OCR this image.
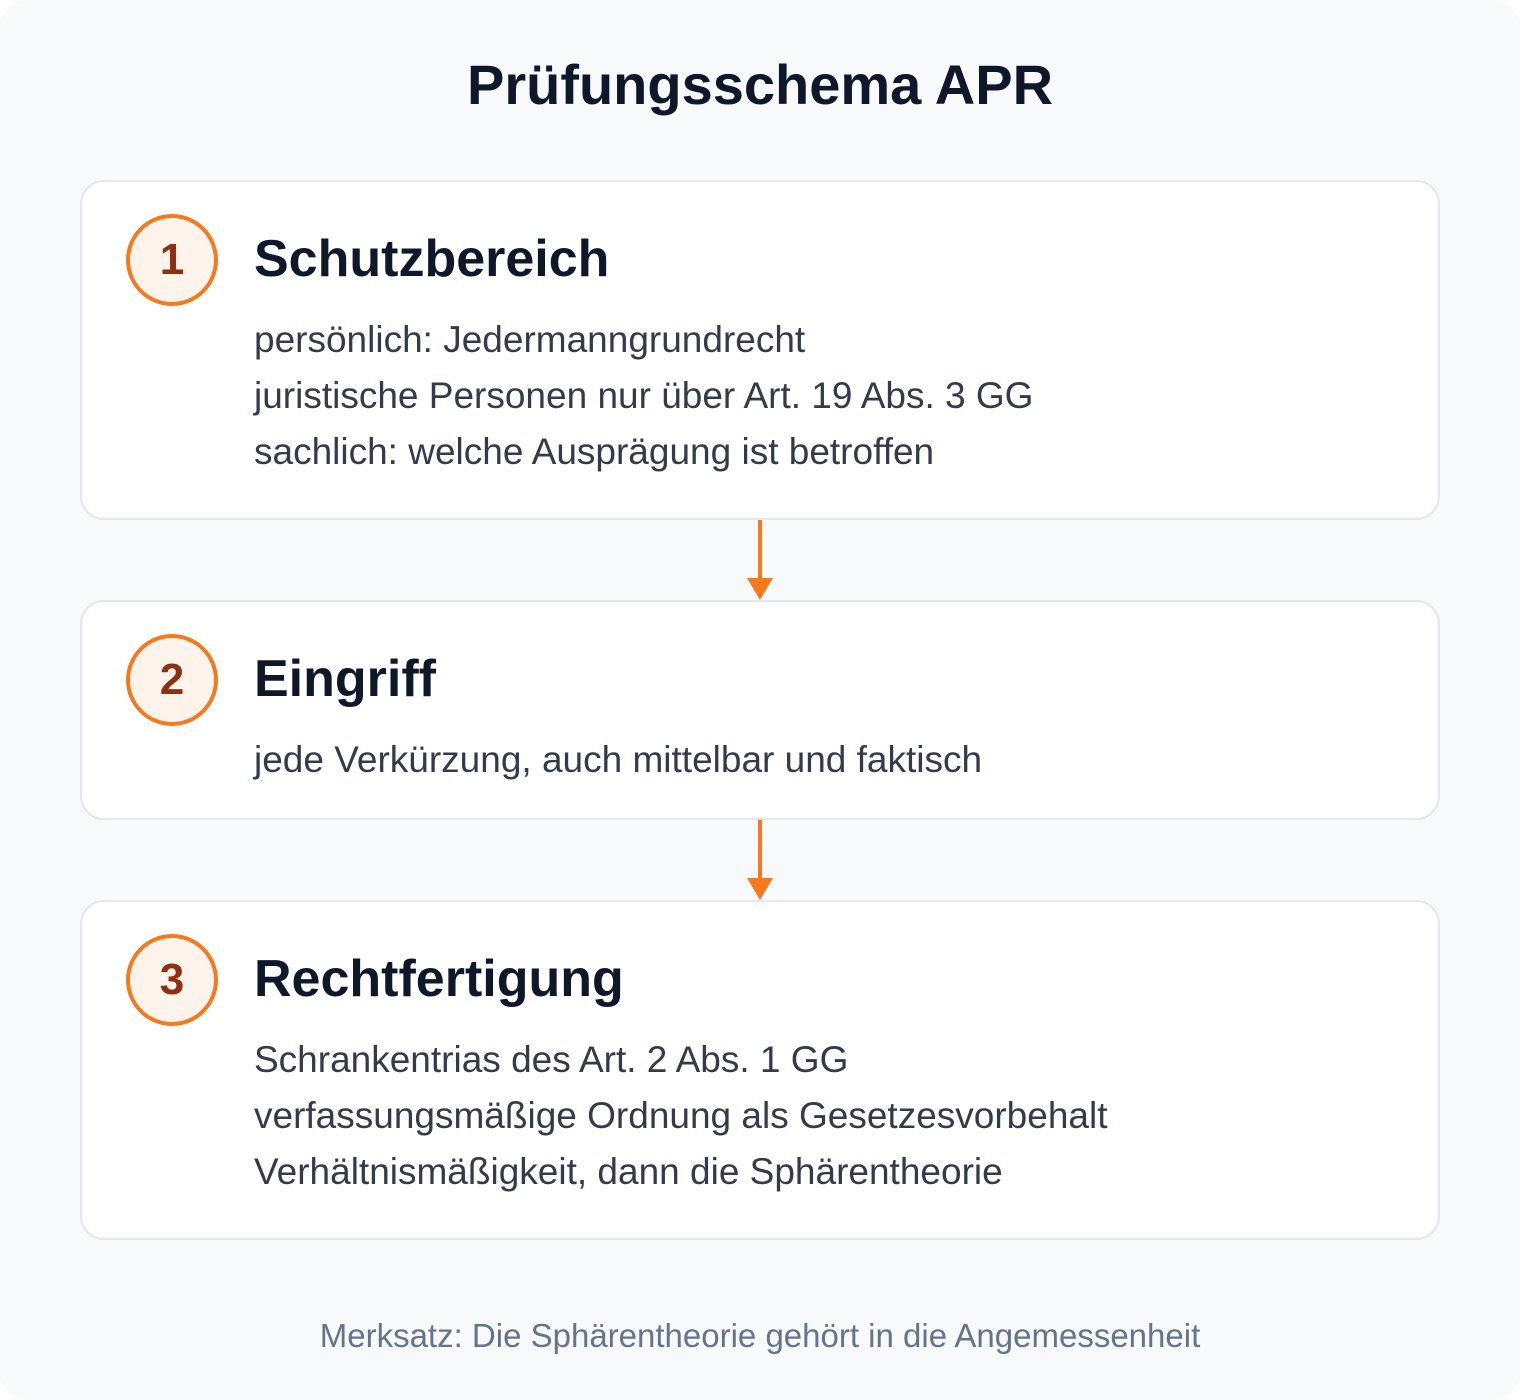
Prüfungsschema APR
1	Schutzbereich
persönlich: Jedermanngrundrecht
juristische Personen nur über Art. 19 Abs. 3 GG
sachlich: welche Ausprägung ist betroffen
2	Eingriff
jede Verkürzung, auch mittelbar und faktisch
3	Rechtfertigung
Schrankentrias des Art. 2 Abs. 1 GG
verfassungsmäßige Ordnung als Gesetzesvorbehalt
Verhältnismäßigkeit, dann die Sphärentheorie
Merksatz: Die Sphärentheorie gehört in die Angemessenheit
